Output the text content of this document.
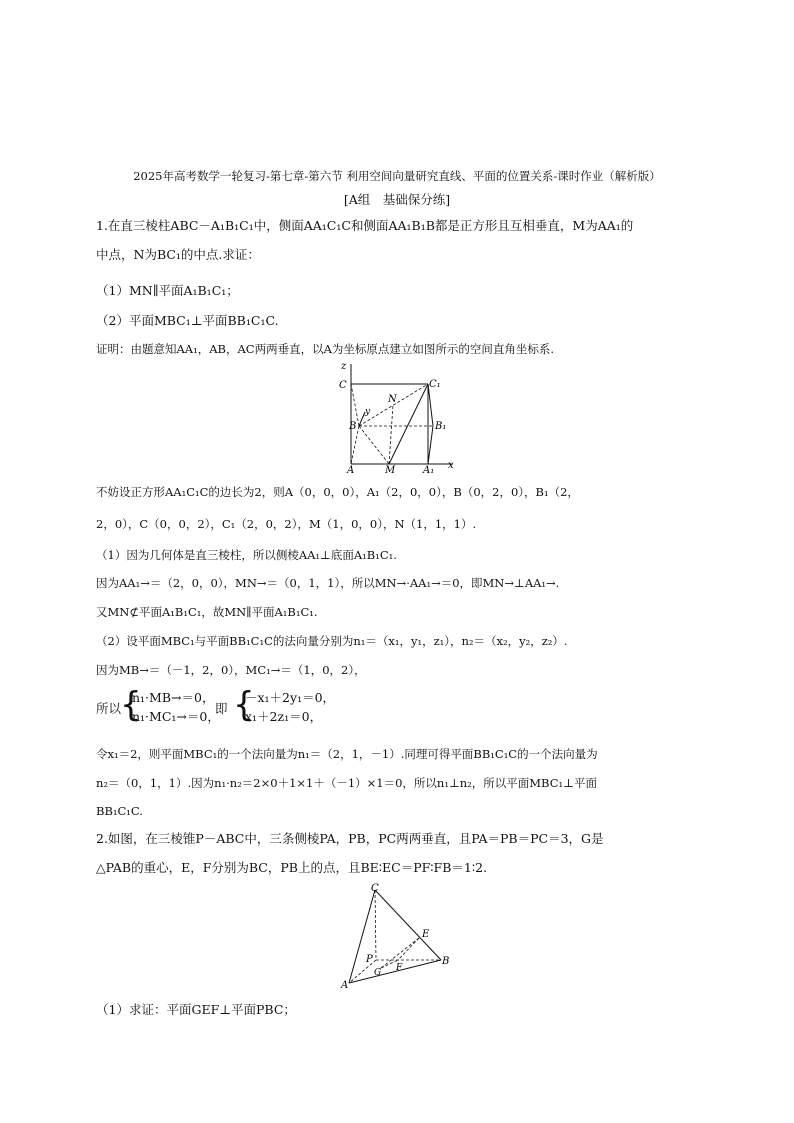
2025年高考数学一轮复习-第七章-第六节 利用空间向量研究直线、平面的位置关系-课时作业（解析版）
[A组　基础保分练]
1.在直三棱柱ABC－A₁B₁C₁中，侧面AA₁C₁C和侧面AA₁B₁B都是正方形且互相垂直，M为AA₁的
中点，N为BC₁的中点.求证：
（1）MN∥平面A₁B₁C₁；
（2）平面MBC₁⊥平面BB₁C₁C.
证明：由题意知AA₁，AB，AC两两垂直，以A为坐标原点建立如图所示的空间直角坐标系.
z
x
y
C	C₁
N
B	B₁
A	M	A₁
不妨设正方形AA₁C₁C的边长为2，则A（0，0，0），A₁（2，0，0），B（0，2，0），B₁（2，
2，0），C（0，0，2），C₁（2，0，2），M（1，0，0），N（1，1，1）.
（1）因为几何体是直三棱柱，所以侧棱AA₁⊥底面A₁B₁C₁.
因为AA₁→＝（2，0，0），MN→＝（0，1，1），所以MN→·AA₁→＝0，即MN→⊥AA₁→.
又MN⊄平面A₁B₁C₁，故MN∥平面A₁B₁C₁.
（2）设平面MBC₁与平面BB₁C₁C的法向量分别为n₁＝（x₁，y₁，z₁），n₂＝（x₂，y₂，z₂）.
因为MB→＝（－1，2，0），MC₁→＝（1，0，2），
所以
{
n₁·MB→＝0，
n₁·MC₁→＝0，
即 {
－x₁＋2y₁＝0，
x₁＋2z₁＝0，
令x₁＝2，则平面MBC₁的一个法向量为n₁＝（2，1，－1）.同理可得平面BB₁C₁C的一个法向量为
n₂＝（0，1，1）.因为n₁·n₂＝2×0＋1×1＋（－1）×1＝0，所以n₁⊥n₂，所以平面MBC₁⊥平面
BB₁C₁C.
2.如图，在三棱锥P－ABC中，三条侧棱PA，PB，PC两两垂直，且PA＝PB＝PC＝3，G是
△PAB的重心，E，F分别为BC，PB上的点，且BE∶EC＝PF∶FB＝1∶2.
C
E
P
G F
B
A
（1）求证：平面GEF⊥平面PBC；
